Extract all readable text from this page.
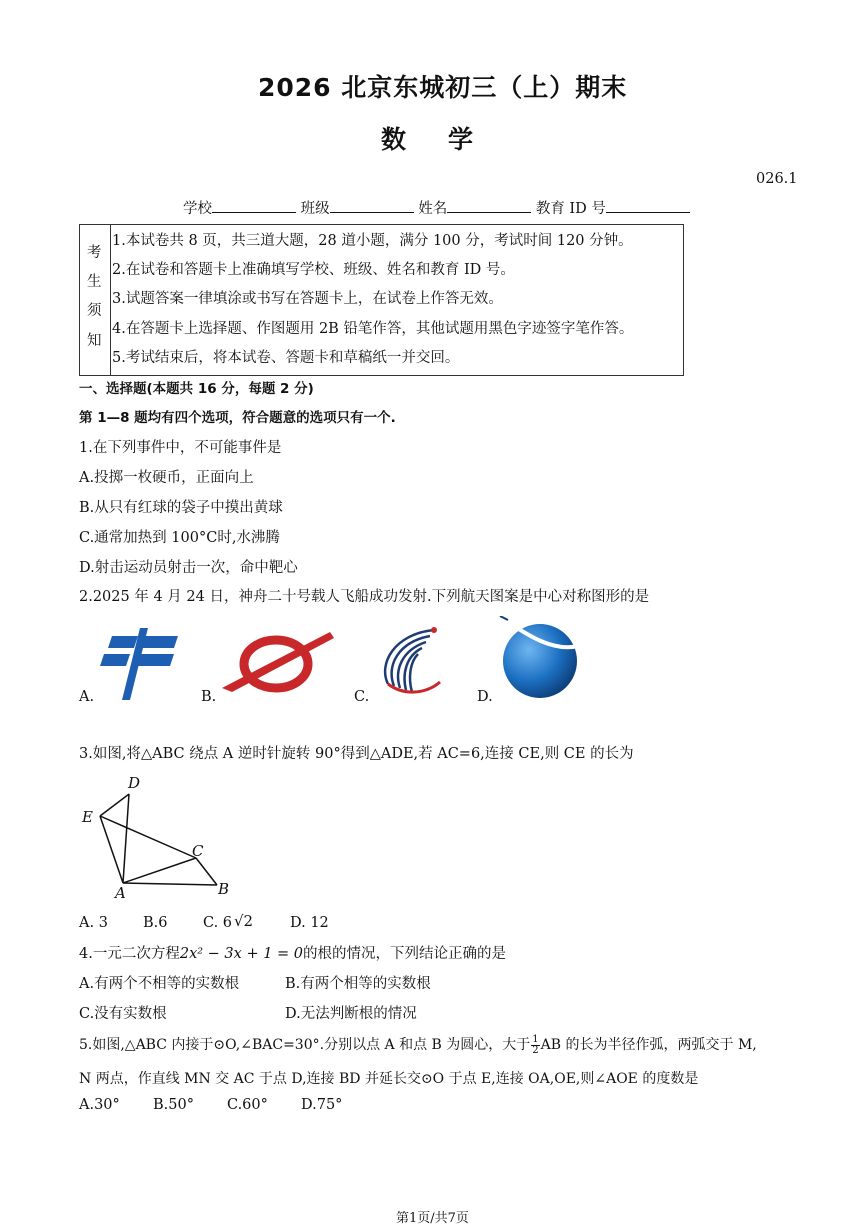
2026 北京东城初三（上）期末
数学
026.1
学校	班级	姓名	教育 ID 号
考
生
须
知
1.本试卷共 8 页，共三道大题，28 道小题，满分 100 分，考试时间 120 分钟。
2.在试卷和答题卡上准确填写学校、班级、姓名和教育 ID 号。
3.试题答案一律填涂或书写在答题卡上，在试卷上作答无效。
4.在答题卡上选择题、作图题用 2B 铅笔作答，其他试题用黑色字迹签字笔作答。
5.考试结束后，将本试卷、答题卡和草稿纸一并交回。
一、选择题(本题共 16 分，每题 2 分)
第 1—8 题均有四个选项，符合题意的选项只有一个.
1.在下列事件中，不可能事件是
A.投掷一枚硬币，正面向上
B.从只有红球的袋子中摸出黄球
C.通常加热到 100°C时,水沸腾
D.射击运动员射击一次，命中靶心
2.2025 年 4 月 24 日，神舟二十号载人飞船成功发射.下列航天图案是中心对称图形的是
A.	B.	C.	D.
3.如图,将△ABC 绕点 A 逆时针旋转 90°得到△ADE,若 AC=6,连接 CE,则 CE 的长为
D
E
C
A	B
A. 3 B.6 C. 6 √2	D. 12
4.一元二次方程2x² − 3x + 1 = 0的根的情况，下列结论正确的是
A.有两个不相等的实数根	B.有两个相等的实数根
C.没有实数根	D.无法判断根的情况
5.如图,△ABC 内接于⊙O,∠BAC=30°.分别以点 A 和点 B 为圆心，大于 $\frac{1}{2}$ AB 的长为半径作弧，两弧交于 M,
N 两点，作直线 MN 交 AC 于点 D,连接 BD 并延长交⊙O 于点 E,连接 OA,OE,则∠AOE 的度数是
A.30° B.50° C.60° D.75°
第1页/共7页
